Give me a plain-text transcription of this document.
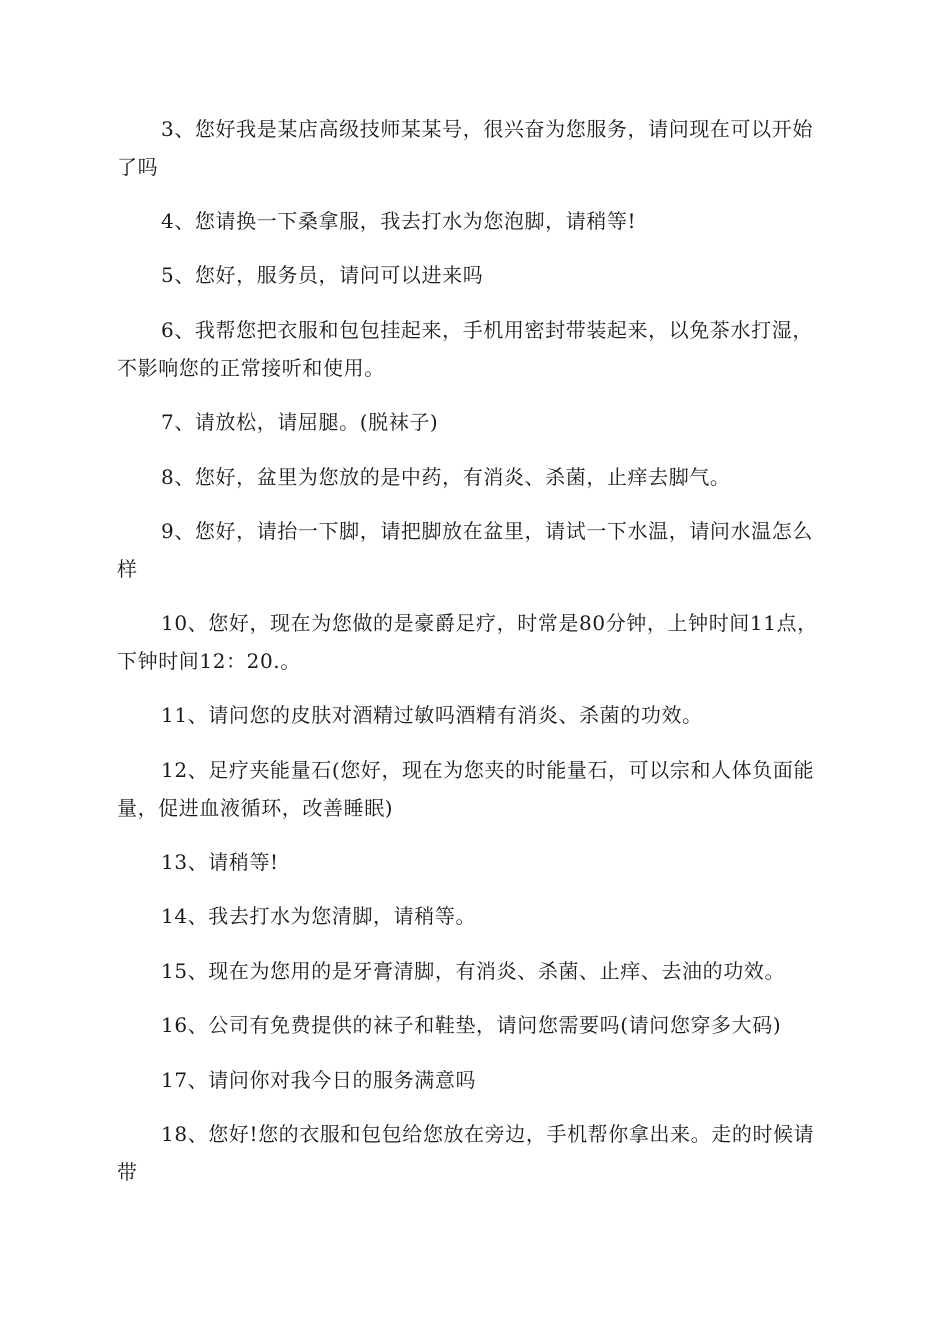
3、您好我是某店高级技师某某号，很兴奋为您服务，请问现在可以开始了吗

4、您请换一下桑拿服，我去打水为您泡脚，请稍等!

5、您好，服务员，请问可以进来吗

6、我帮您把衣服和包包挂起来，手机用密封带装起来，以免茶水打湿，不影响您的正常接听和使用。

7、请放松，请屈腿。(脱袜子)

8、您好，盆里为您放的是中药，有消炎、杀菌，止痒去脚气。

9、您好，请抬一下脚，请把脚放在盆里，请试一下水温，请问水温怎么样

10、您好，现在为您做的是豪爵足疗，时常是80分钟，上钟时间11点，下钟时间12：20.。

11、请问您的皮肤对酒精过敏吗酒精有消炎、杀菌的功效。

12、足疗夹能量石(您好，现在为您夹的时能量石，可以宗和人体负面能量，促进血液循环，改善睡眠)

13、请稍等!

14、我去打水为您清脚，请稍等。

15、现在为您用的是牙膏清脚，有消炎、杀菌、止痒、去油的功效。

16、公司有免费提供的袜子和鞋垫，请问您需要吗(请问您穿多大码)

17、请问你对我今日的服务满意吗

18、您好!您的衣服和包包给您放在旁边，手机帮你拿出来。走的时候请带
